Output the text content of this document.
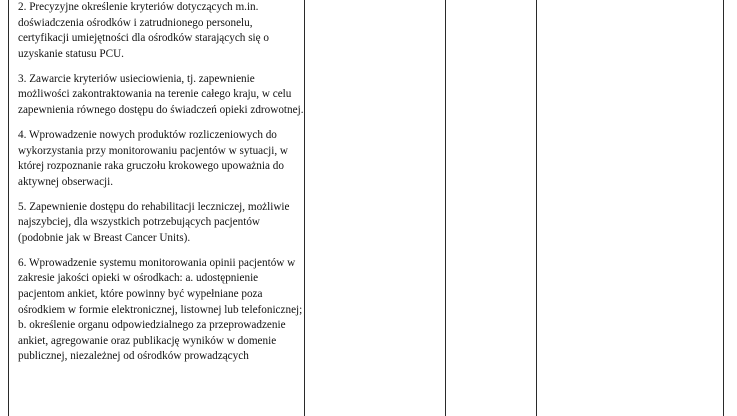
2. Precyzyjne określenie kryteriów dotyczących m.in. doświadczenia ośrodków i zatrudnionego personelu, certyfikacji umiejętności dla ośrodków starających się o uzyskanie statusu PCU.

3. Zawarcie kryteriów usieciowienia, tj. zapewnienie możliwości zakontraktowania na terenie całego kraju, w celu zapewnienia równego dostępu do świadczeń opieki zdrowotnej.

4. Wprowadzenie nowych produktów rozliczeniowych do wykorzystania przy monitorowaniu pacjentów w sytuacji, w której rozpoznanie raka gruczołu krokowego upoważnia do aktywnej obserwacji.

5. Zapewnienie dostępu do rehabilitacji leczniczej, możliwie najszybciej, dla wszystkich potrzebujących pacjentów (podobnie jak w Breast Cancer Units).

6. Wprowadzenie systemu monitorowania opinii pacjentów w zakresie jakości opieki w ośrodkach: a. udostępnienie pacjentom ankiet, które powinny być wypełniane poza ośrodkiem w formie elektronicznej, listownej lub telefonicznej; b. określenie organu odpowiedzialnego za przeprowadzenie ankiet, agregowanie oraz publikację wyników w domenie publicznej, niezależnej od ośrodków prowadzących
